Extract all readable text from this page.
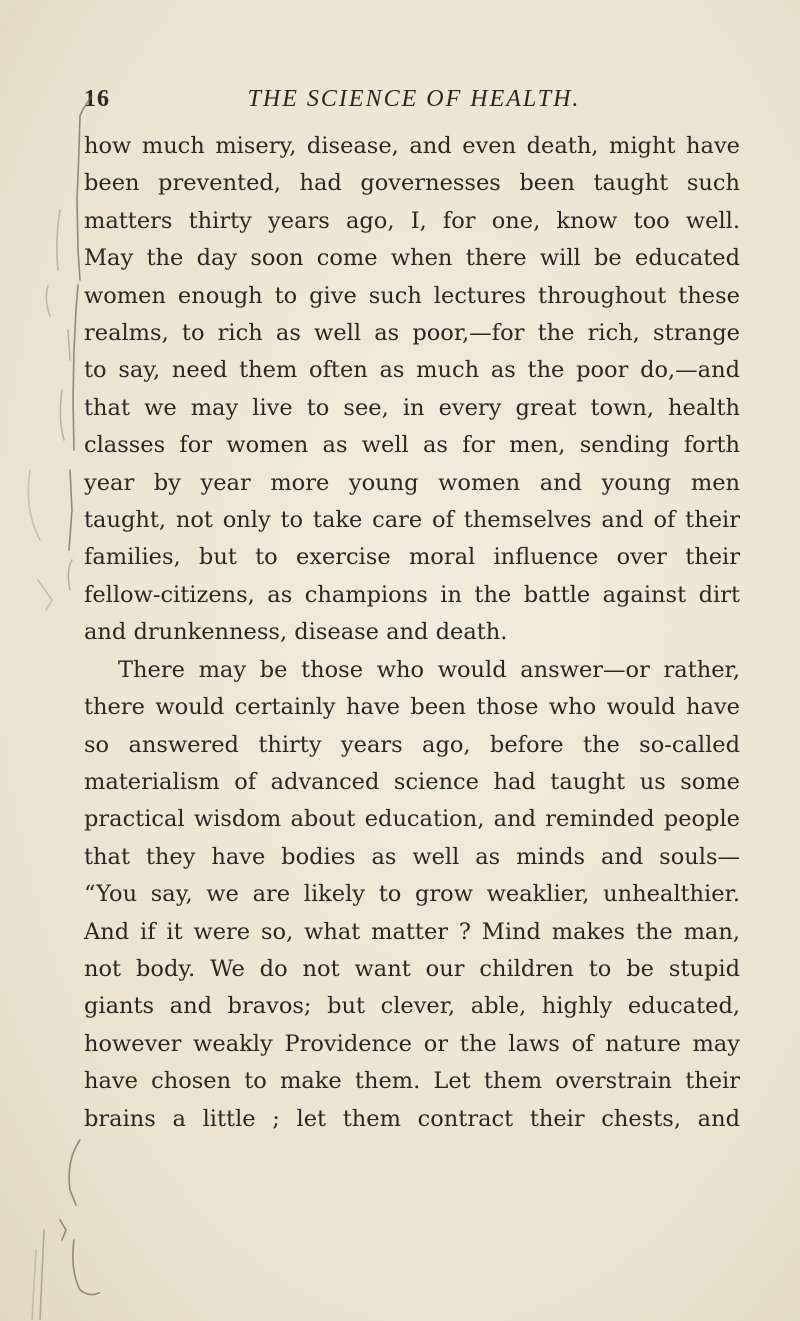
16	THE SCIENCE OF HEALTH.
how much misery, disease, and even death, might have
been prevented, had governesses been taught such
matters thirty years ago, I, for one, know too well.
May the day soon come when there will be educated
women enough to give such lectures throughout these
realms, to rich as well as poor,—for the rich, strange
to say, need them often as much as the poor do,—and
that we may live to see, in every great town, health
classes for women as well as for men, sending forth
year by year more young women and young men
taught, not only to take care of themselves and of their
families, but to exercise moral influence over their
fellow-citizens, as champions in the battle against dirt
and drunkenness, disease and death.
There may be those who would answer—or rather,
there would certainly have been those who would have
so answered thirty years ago, before the so-called
materialism of advanced science had taught us some
practical wisdom about education, and reminded people
that they have bodies as well as minds and souls—
“You say, we are likely to grow weaklier, unhealthier.
And if it were so, what matter ? Mind makes the man,
not body. We do not want our children to be stupid
giants and bravos; but clever, able, highly educated,
however weakly Providence or the laws of nature may
have chosen to make them. Let them overstrain their
brains a little ; let them contract their chests, and
